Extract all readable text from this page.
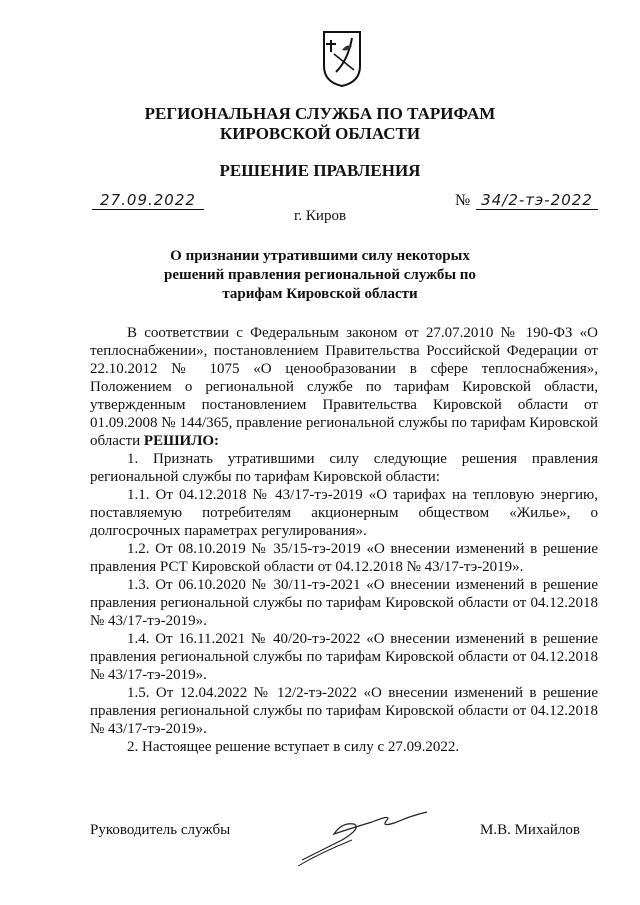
РЕГИОНАЛЬНАЯ СЛУЖБА ПО ТАРИФАМ
КИРОВСКОЙ ОБЛАСТИ
РЕШЕНИЕ ПРАВЛЕНИЯ
27.09.2022	№ 34/2-тэ-2022
г. Киров
О признании утратившими силу некоторых
решений правления региональной службы по
тарифам Кировской области

В соответствии с Федеральным законом от 27.07.2010 № 190-ФЗ «О теплоснабжении», постановлением Правительства Российской Федерации от 22.10.2012 № 1075 «О ценообразовании в сфере теплоснабжения», Положением о региональной службе по тарифам Кировской области, утвержденным постановлением Правительства Кировской области от 01.09.2008 № 144/365, правление региональной службы по тарифам Кировской области РЕШИЛО:

1. Признать утратившими силу следующие решения правления региональной службы по тарифам Кировской области:

1.1. От 04.12.2018 № 43/17-тэ-2019 «О тарифах на тепловую энергию, поставляемую потребителям акционерным обществом «Жилье», о долгосрочных параметрах регулирования».

1.2. От 08.10.2019 № 35/15-тэ-2019 «О внесении изменений в решение правления РСТ Кировской области от 04.12.2018 № 43/17-тэ-2019».

1.3. От 06.10.2020 № 30/11-тэ-2021 «О внесении изменений в решение правления региональной службы по тарифам Кировской области от 04.12.2018 № 43/17-тэ-2019».

1.4. От 16.11.2021 № 40/20-тэ-2022 «О внесении изменений в решение правления региональной службы по тарифам Кировской области от 04.12.2018 № 43/17-тэ-2019».

1.5. От 12.04.2022 № 12/2-тэ-2022 «О внесении изменений в решение правления региональной службы по тарифам Кировской области от 04.12.2018 № 43/17-тэ-2019».

2. Настоящее решение вступает в силу с 27.09.2022.

Руководитель службы	М.В. Михайлов
